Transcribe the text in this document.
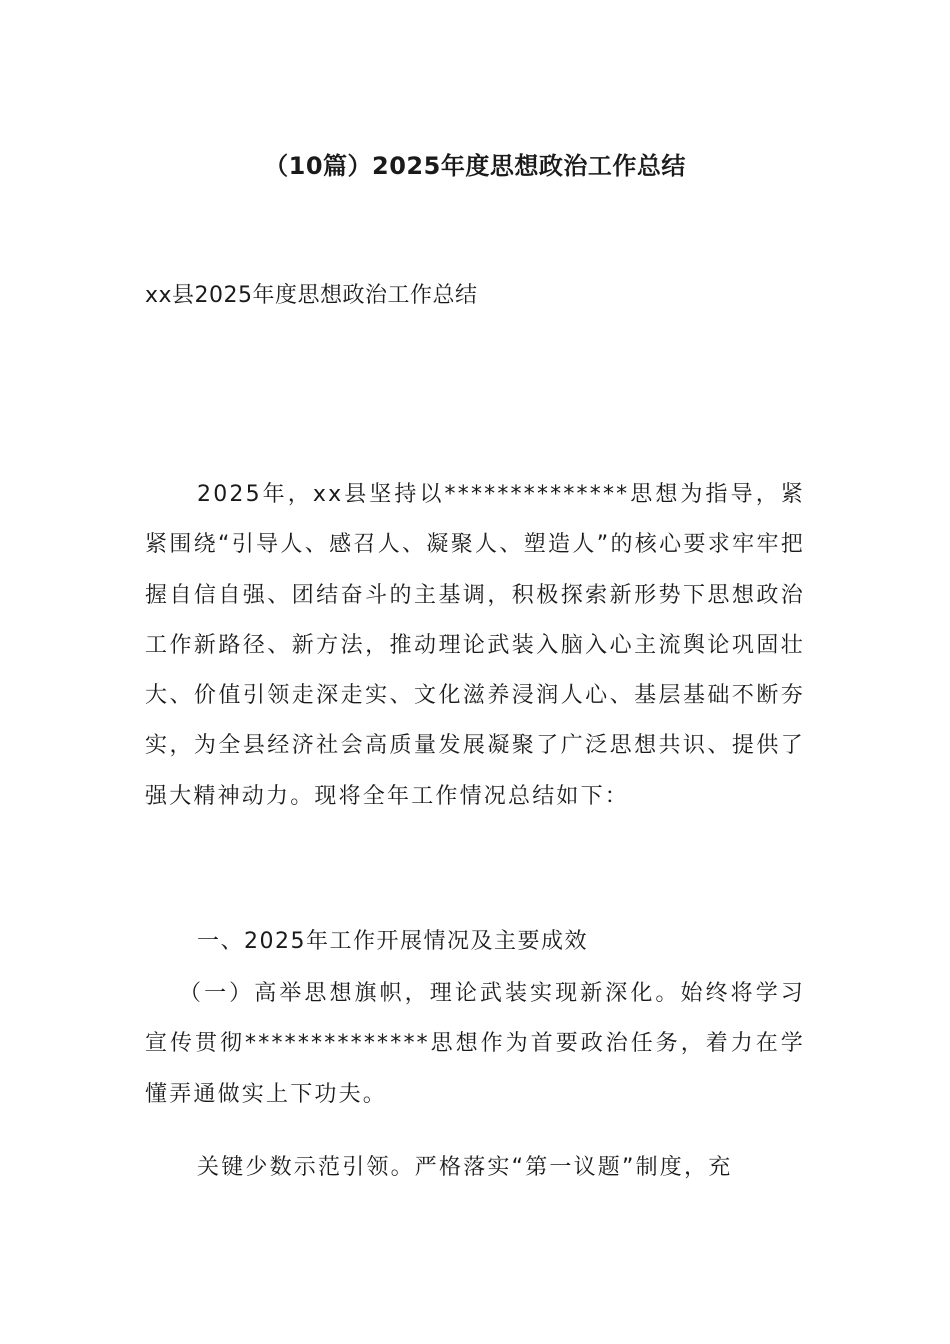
（10篇）2025年度思想政治工作总结
xx县2025年度思想政治工作总结
2025年，xx县坚持以**************思想为指导，紧紧围绕“引导人、感召人、凝聚人、塑造人”的核心要求牢牢把握自信自强、团结奋斗的主基调，积极探索新形势下思想政治工作新路径、新方法，推动理论武装入脑入心主流舆论巩固壮大、价值引领走深走实、文化滋养浸润人心、基层基础不断夯实，为全县经济社会高质量发展凝聚了广泛思想共识、提供了强大精神动力。现将全年工作情况总结如下：
一、2025年工作开展情况及主要成效
（一）高举思想旗帜，理论武装实现新深化。始终将学习宣传贯彻**************思想作为首要政治任务，着力在学懂弄通做实上下功夫。
关键少数示范引领。严格落实“第一议题”制度，充
